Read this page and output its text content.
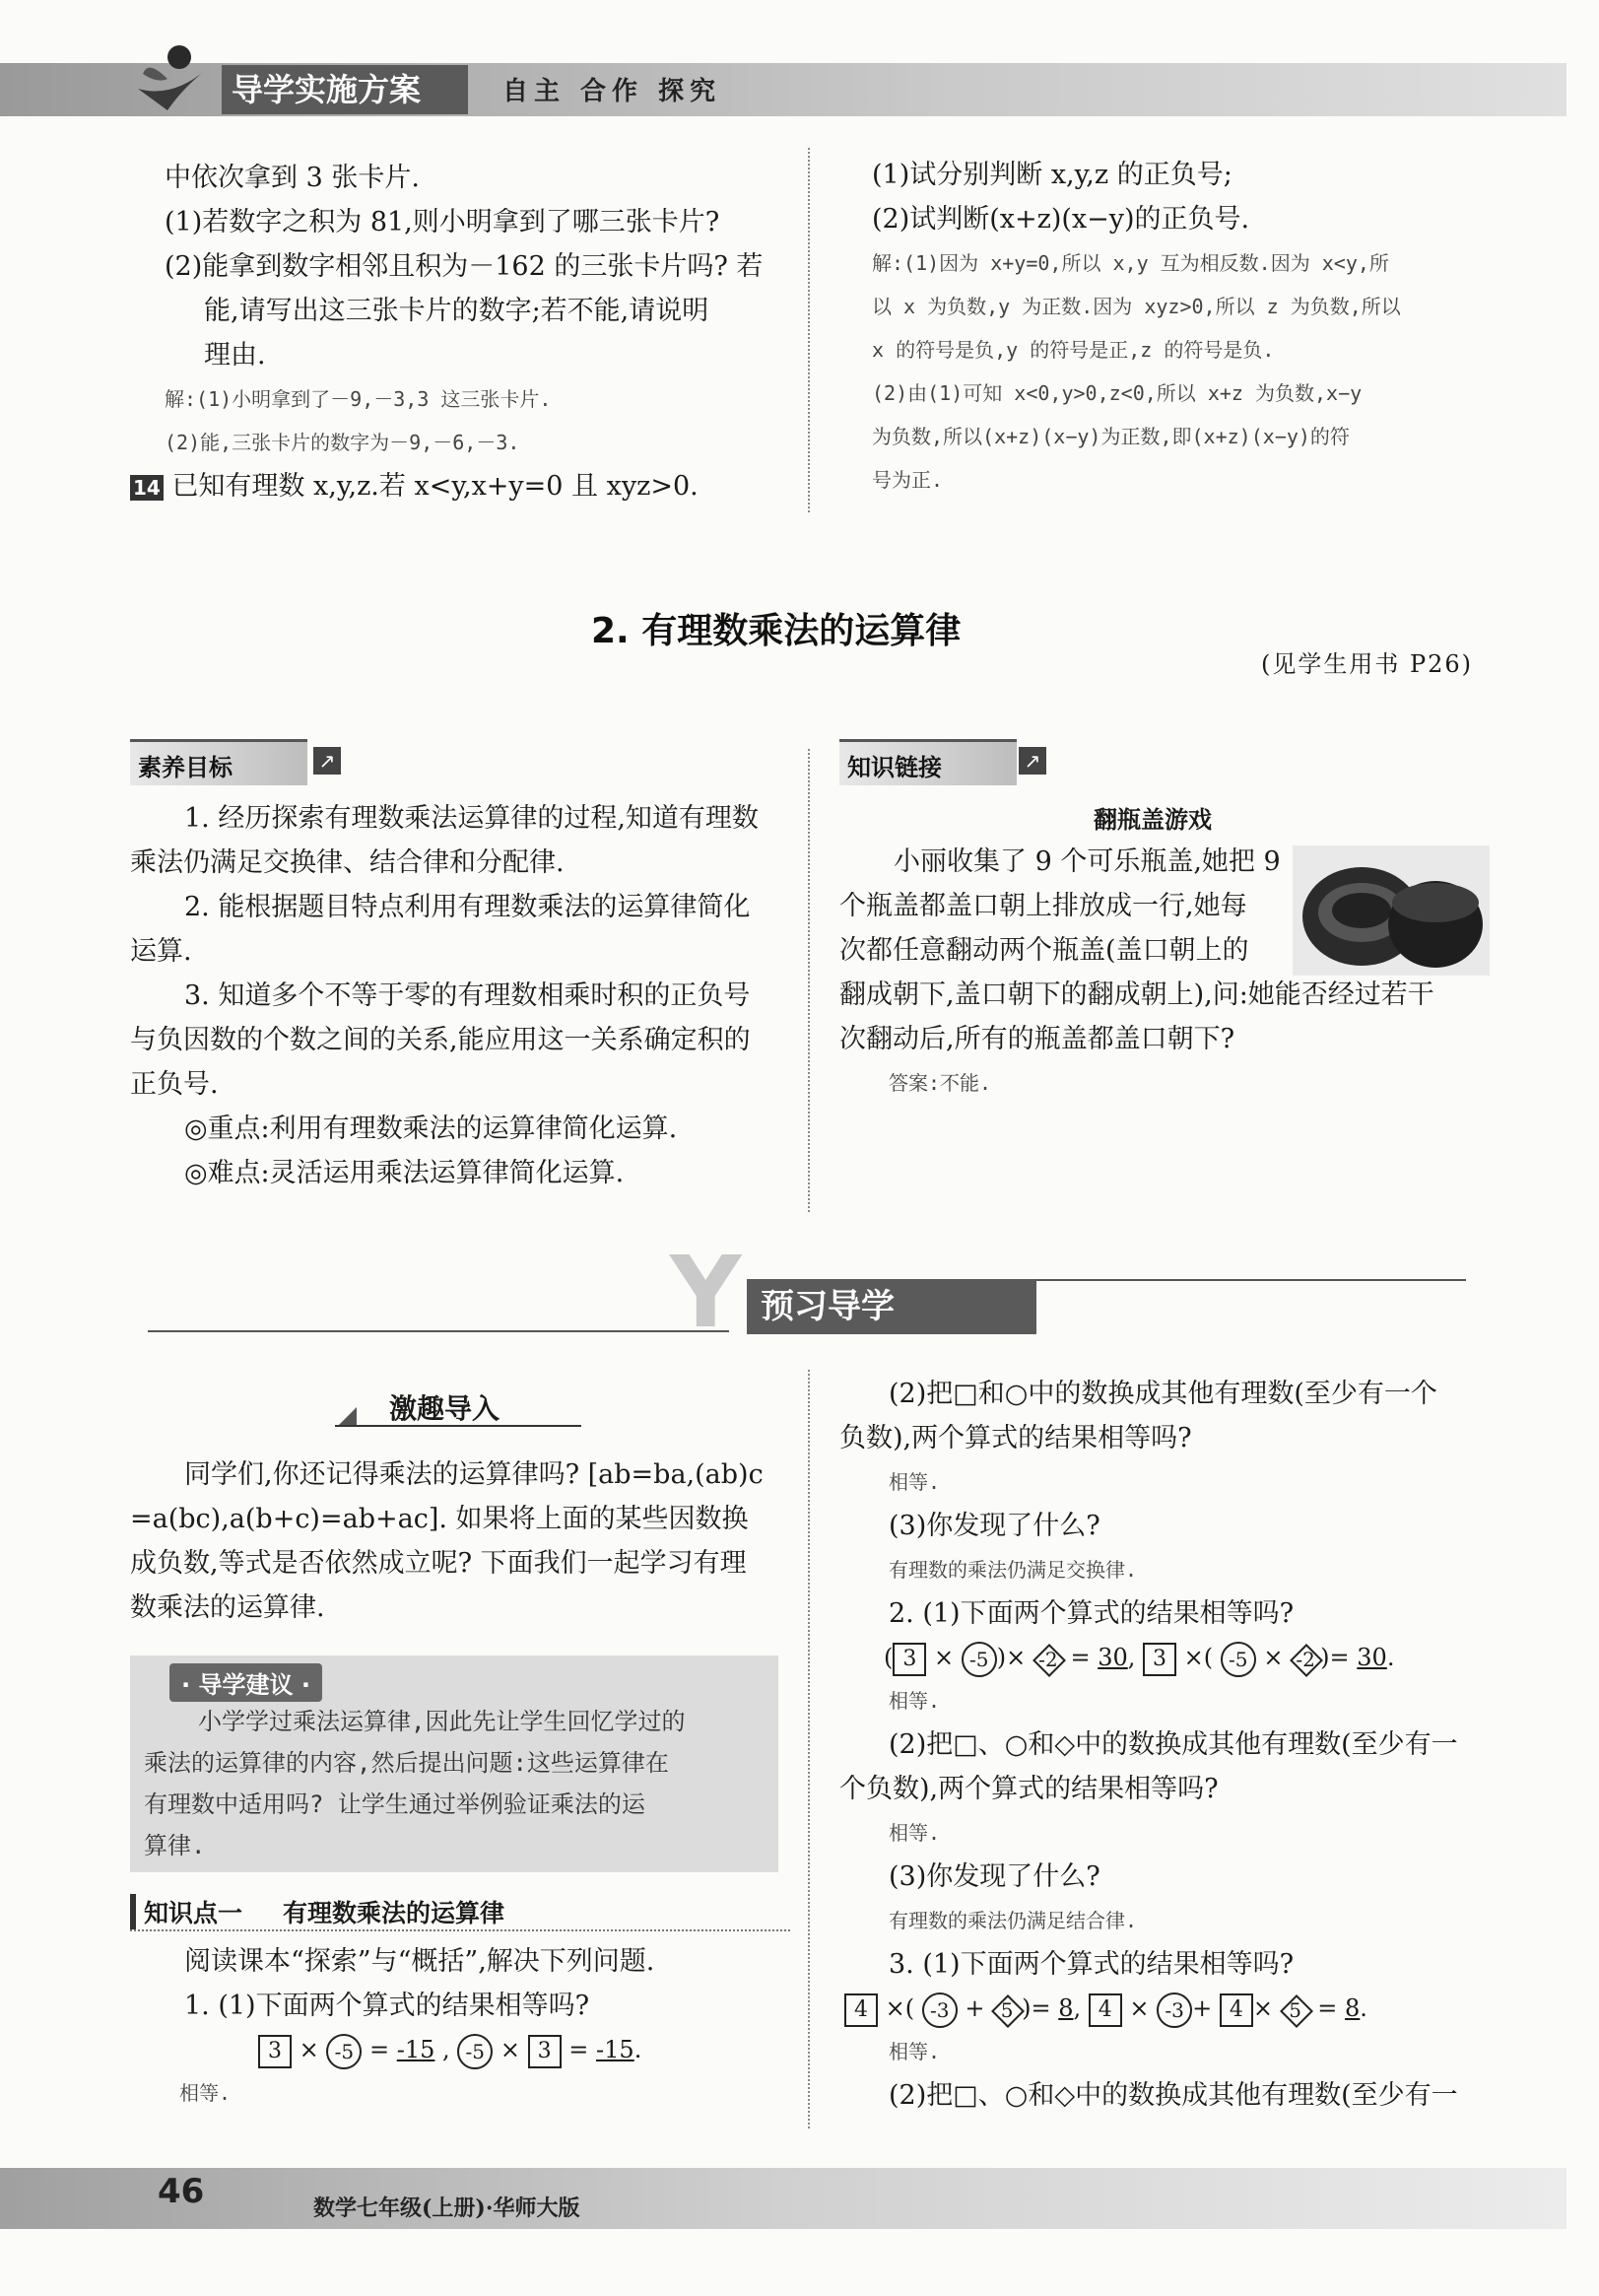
导学实施方案	自主 合作 探究
中依次拿到 3 张卡片.
(1)若数字之积为 81,则小明拿到了哪三张卡片?
(2)能拿到数字相邻且积为－162 的三张卡片吗? 若
能,请写出这三张卡片的数字;若不能,请说明
理由.
解:(1)小明拿到了－9,－3,3 这三张卡片.
(2)能,三张卡片的数字为－9,－6,－3.
14 已知有理数 x,y,z.若 x<y,x+y=0 且 xyz>0.
(1)试分别判断 x,y,z 的正负号;
(2)试判断(x+z)(x−y)的正负号.
解:(1)因为 x+y=0,所以 x,y 互为相反数.因为 x<y,所
以 x 为负数,y 为正数.因为 xyz>0,所以 z 为负数,所以
x 的符号是负,y 的符号是正,z 的符号是负.
(2)由(1)可知 x<0,y>0,z<0,所以 x+z 为负数,x−y
为负数,所以(x+z)(x−y)为正数,即(x+z)(x−y)的符
号为正.
2. 有理数乘法的运算律
(见学生用书 P26)
素养目标	↗
1. 经历探索有理数乘法运算律的过程,知道有理数
乘法仍满足交换律、结合律和分配律.
2. 能根据题目特点利用有理数乘法的运算律简化
运算.
3. 知道多个不等于零的有理数相乘时积的正负号
与负因数的个数之间的关系,能应用这一关系确定积的
正负号.
◎重点:利用有理数乘法的运算律简化运算.
◎难点:灵活运用乘法运算律简化运算.
知识链接	↗
翻瓶盖游戏
小丽收集了 9 个可乐瓶盖,她把 9
个瓶盖都盖口朝上排放成一行,她每
次都任意翻动两个瓶盖(盖口朝上的
翻成朝下,盖口朝下的翻成朝上),问:她能否经过若干
次翻动后,所有的瓶盖都盖口朝下?
答案:不能.
Y 预习导学
激趣导入
同学们,你还记得乘法的运算律吗? [ab=ba,(ab)c
=a(bc),a(b+c)=ab+ac]. 如果将上面的某些因数换
成负数,等式是否依然成立呢? 下面我们一起学习有理
数乘法的运算律.
· 导学建议 ·
小学学过乘法运算律,因此先让学生回忆学过的
乘法的运算律的内容,然后提出问题:这些运算律在
有理数中适用吗? 让学生通过举例验证乘法的运
算律.
知识点一 有理数乘法的运算律
阅读课本“探索”与“概括”,解决下列问题.
1. (1)下面两个算式的结果相等吗?
3 × -5 = -15 , -5 × 3 = -15.
相等.
(2)把□和○中的数换成其他有理数(至少有一个
负数),两个算式的结果相等吗?
相等.
(3)你发现了什么?
有理数的乘法仍满足交换律.
2. (1)下面两个算式的结果相等吗?
( 3 × -5 )× -2 = 30, 3 ×( -5 × -2 )= 30.
相等.
(2)把□、○和◇中的数换成其他有理数(至少有一
个负数),两个算式的结果相等吗?
相等.
(3)你发现了什么?
有理数的乘法仍满足结合律.
3. (1)下面两个算式的结果相等吗?
4 ×( -3 + 5 )= 8, 4 × -3 + 4 × 5 = 8.
相等.
(2)把□、○和◇中的数换成其他有理数(至少有一
46	数学七年级(上册)·华师大版
